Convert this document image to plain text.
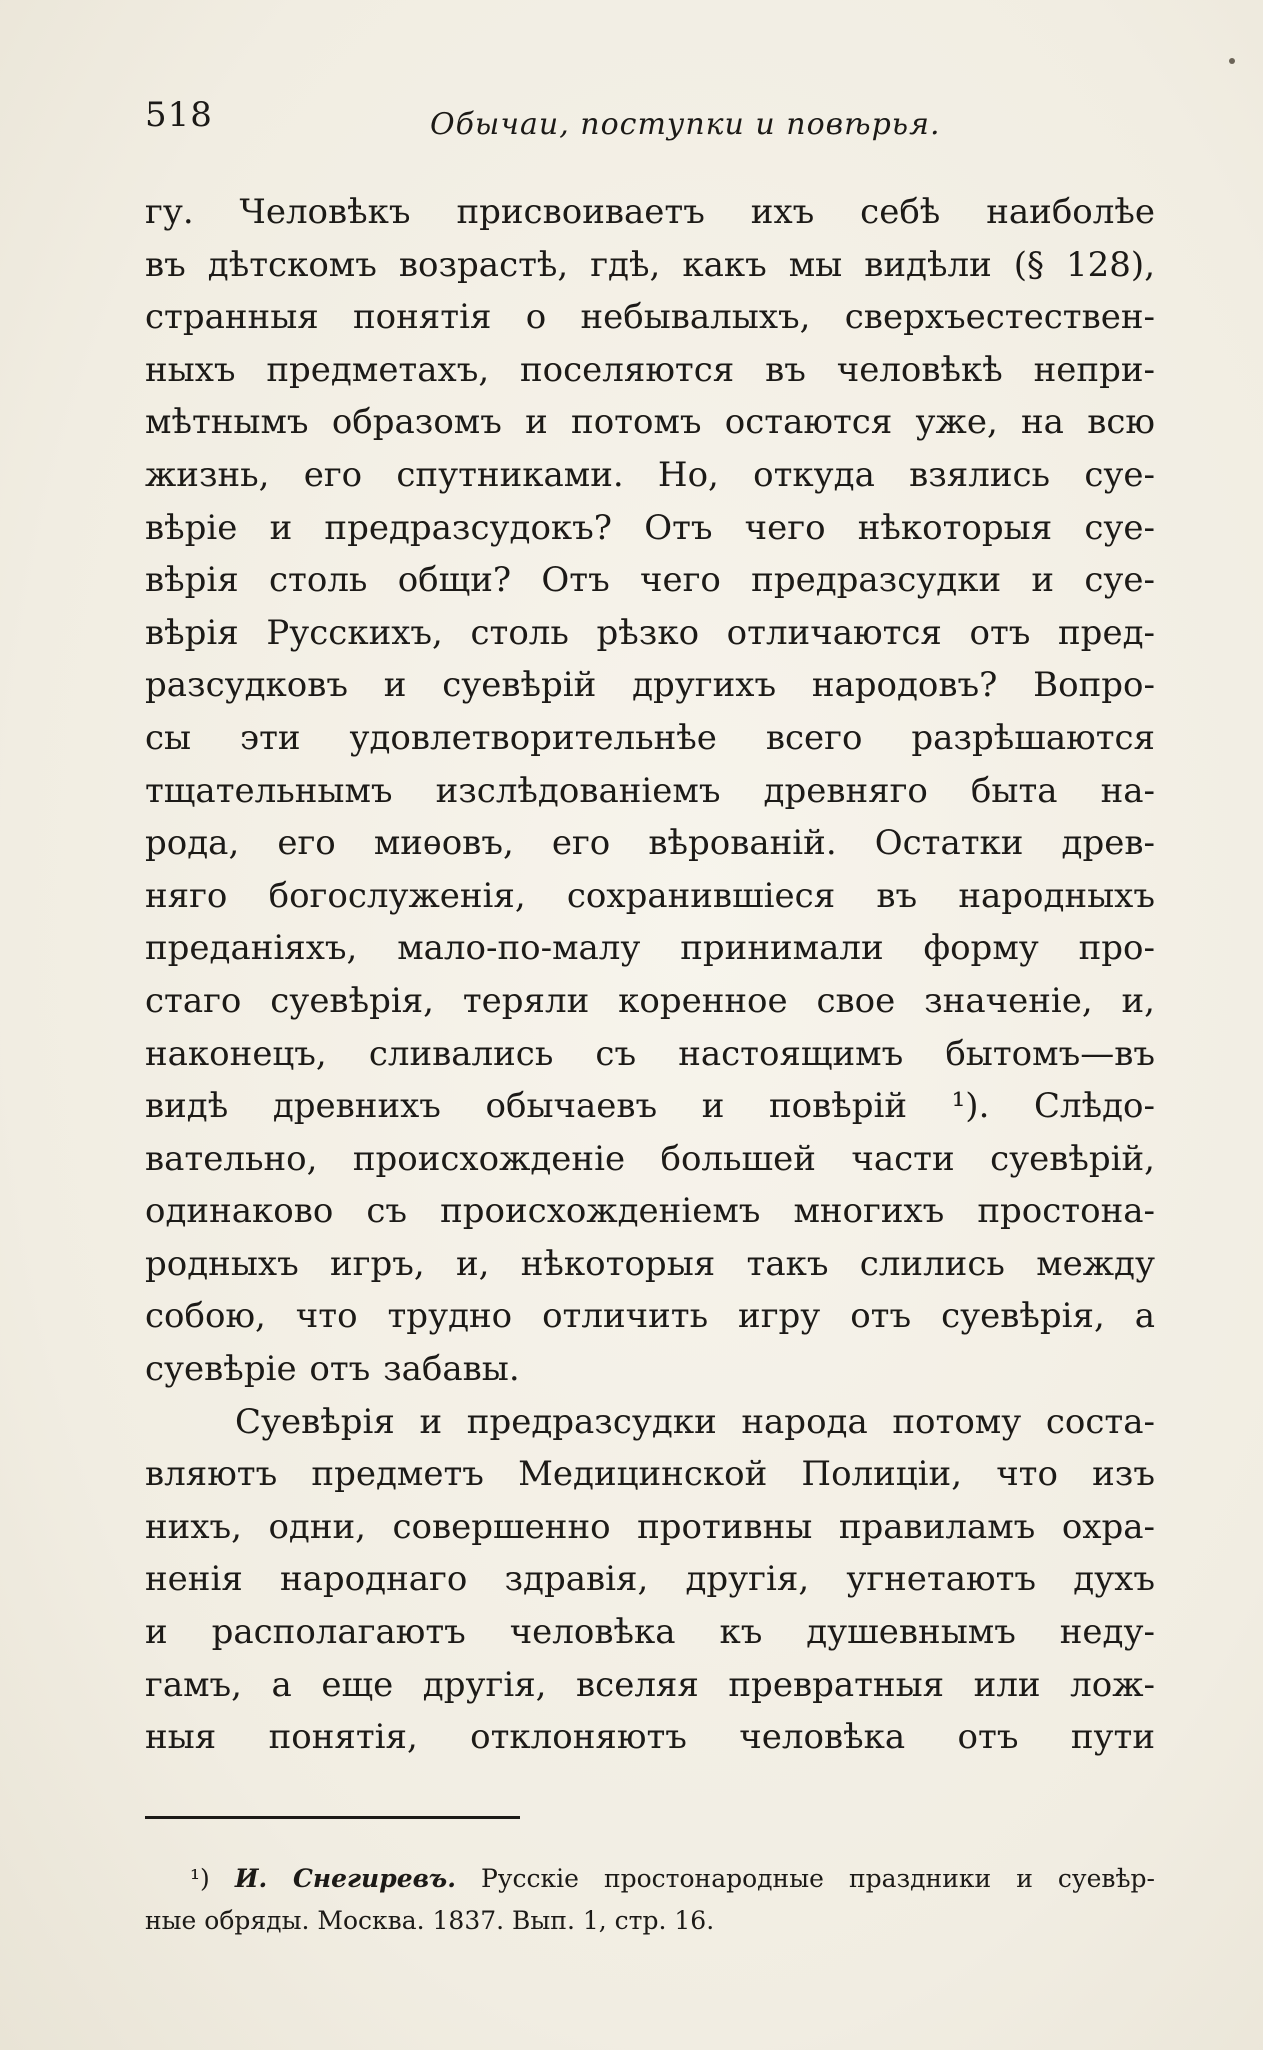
518	Обычаи, поступки и повѣрья.
гу. Человѣкъ присвоиваетъ ихъ себѣ наиболѣе
въ дѣтскомъ возрастѣ, гдѣ, какъ мы видѣли (§ 128),
странныя понятія о небывалыхъ, сверхъестествен-
ныхъ предметахъ, поселяются въ человѣкѣ непри-
мѣтнымъ образомъ и потомъ остаются уже, на всю
жизнь, его спутниками. Но, откуда взялись суе-
вѣріе и предразсудокъ? Отъ чего нѣкоторыя суе-
вѣрія столь общи? Отъ чего предразсудки и суе-
вѣрія Русскихъ, столь рѣзко отличаются отъ пред-
разсудковъ и суевѣрій другихъ народовъ? Вопро-
сы эти удовлетворительнѣе всего разрѣшаются
тщательнымъ изслѣдованіемъ древняго быта на-
рода, его миѳовъ, его вѣрованій. Остатки древ-
няго богослуженія, сохранившіеся въ народныхъ
преданіяхъ, мало-по-малу принимали форму про-
стаго суевѣрія, теряли коренное свое значеніе, и,
наконецъ, сливались съ настоящимъ бытомъ—въ
видѣ древнихъ обычаевъ и повѣрій ¹). Слѣдо-
вательно, происхожденіе большей части суевѣрій,
одинаково съ происхожденіемъ многихъ простона-
родныхъ игръ, и, нѣкоторыя такъ слились между
собою, что трудно отличить игру отъ суевѣрія, а
суевѣріе отъ забавы.
Суевѣрія и предразсудки народа потому соста-
вляютъ предметъ Медицинской Полиціи, что изъ
нихъ, одни, совершенно противны правиламъ охра-
ненія народнаго здравія, другія, угнетаютъ духъ
и располагаютъ человѣка къ душевнымъ неду-
гамъ, а еще другія, вселяя превратныя или лож-
ныя понятія, отклоняютъ человѣка отъ пути
¹) И. Снегиревъ. Русскіе простонародные праздники и суевѣр-
ные обряды. Москва. 1837. Вып. 1, стр. 16.
